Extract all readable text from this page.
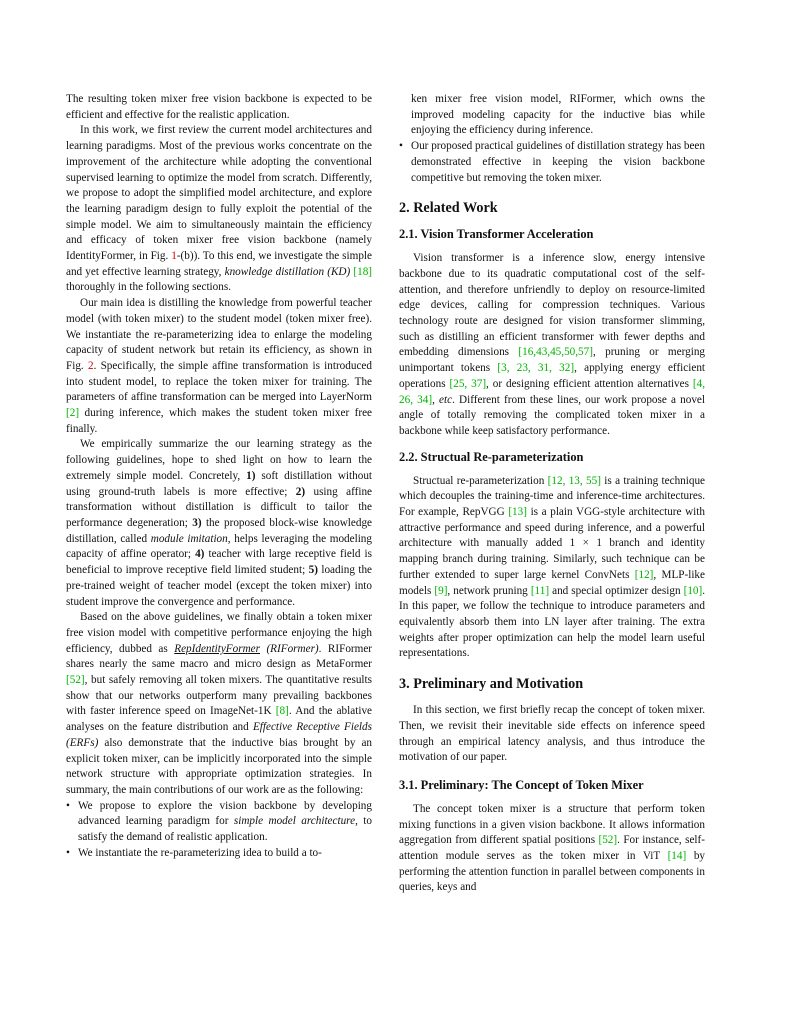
The resulting token mixer free vision backbone is expected to be efficient and effective for the realistic application.

In this work, we first review the current model architectures and learning paradigms. Most of the previous works concentrate on the improvement of the architecture while adopting the conventional supervised learning to optimize the model from scratch. Differently, we propose to adopt the simplified model architecture, and explore the learning paradigm design to fully exploit the potential of the simple model. We aim to simultaneously maintain the efficiency and efficacy of token mixer free vision backbone (namely IdentityFormer, in Fig. 1-(b)). To this end, we investigate the simple and yet effective learning strategy, knowledge distillation (KD) [18] thoroughly in the following sections.

Our main idea is distilling the knowledge from powerful teacher model (with token mixer) to the student model (token mixer free). We instantiate the re-parameterizing idea to enlarge the modeling capacity of student network but retain its efficiency, as shown in Fig. 2. Specifically, the simple affine transformation is introduced into student model, to replace the token mixer for training. The parameters of affine transformation can be merged into LayerNorm [2] during inference, which makes the student token mixer free finally.

We empirically summarize the our learning strategy as the following guidelines, hope to shed light on how to learn the extremely simple model. Concretely, 1) soft distillation without using ground-truth labels is more effective; 2) using affine transformation without distillation is difficult to tailor the performance degeneration; 3) the proposed block-wise knowledge distillation, called module imitation, helps leveraging the modeling capacity of affine operator; 4) teacher with large receptive field is beneficial to improve receptive field limited student; 5) loading the pre-trained weight of teacher model (except the token mixer) into student improve the convergence and performance.

Based on the above guidelines, we finally obtain a token mixer free vision model with competitive performance enjoying the high efficiency, dubbed as RepIdentityFormer (RIFormer). RIFormer shares nearly the same macro and micro design as MetaFormer [52], but safely removing all token mixers. The quantitative results show that our networks outperform many prevailing backbones with faster inference speed on ImageNet-1K [8]. And the ablative analyses on the feature distribution and Effective Receptive Fields (ERFs) also demonstrate that the inductive bias brought by an explicit token mixer, can be implicitly incorporated into the simple network structure with appropriate optimization strategies. In summary, the main contributions of our work are as the following:

• We propose to explore the vision backbone by developing advanced learning paradigm for simple model architecture, to satisfy the demand of realistic application.
• We instantiate the re-parameterizing idea to build a to-
ken mixer free vision model, RIFormer, which owns the improved modeling capacity for the inductive bias while enjoying the efficiency during inference.
• Our proposed practical guidelines of distillation strategy has been demonstrated effective in keeping the vision backbone competitive but removing the token mixer.
2. Related Work
2.1. Vision Transformer Acceleration

Vision transformer is a inference slow, energy intensive backbone due to its quadratic computational cost of the self-attention, and therefore unfriendly to deploy on resource-limited edge devices, calling for compression techniques. Various technology route are designed for vision transformer slimming, such as distilling an efficient transformer with fewer depths and embedding dimensions [16,43,45,50,57], pruning or merging unimportant tokens [3, 23, 31, 32], applying energy efficient operations [25, 37], or designing efficient attention alternatives [4, 26, 34], etc. Different from these lines, our work propose a novel angle of totally removing the complicated token mixer in a backbone while keep satisfactory performance.

2.2. Structual Re-parameterization

Structual re-parameterization [12, 13, 55] is a training technique which decouples the training-time and inference-time architectures. For example, RepVGG [13] is a plain VGG-style architecture with attractive performance and speed during inference, and a powerful architecture with manually added 1 × 1 branch and identity mapping branch during training. Similarly, such technique can be further extended to super large kernel ConvNets [12], MLP-like models [9], network pruning [11] and special optimizer design [10]. In this paper, we follow the technique to introduce parameters and equivalently absorb them into LN layer after training. The extra weights after proper optimization can help the model learn useful representations.

3. Preliminary and Motivation

In this section, we first briefly recap the concept of token mixer. Then, we revisit their inevitable side effects on inference speed through an empirical latency analysis, and thus introduce the motivation of our paper.

3.1. Preliminary: The Concept of Token Mixer

The concept token mixer is a structure that perform token mixing functions in a given vision backbone. It allows information aggregation from different spatial positions [52]. For instance, self-attention module serves as the token mixer in ViT [14] by performing the attention function in parallel between components in queries, keys and
